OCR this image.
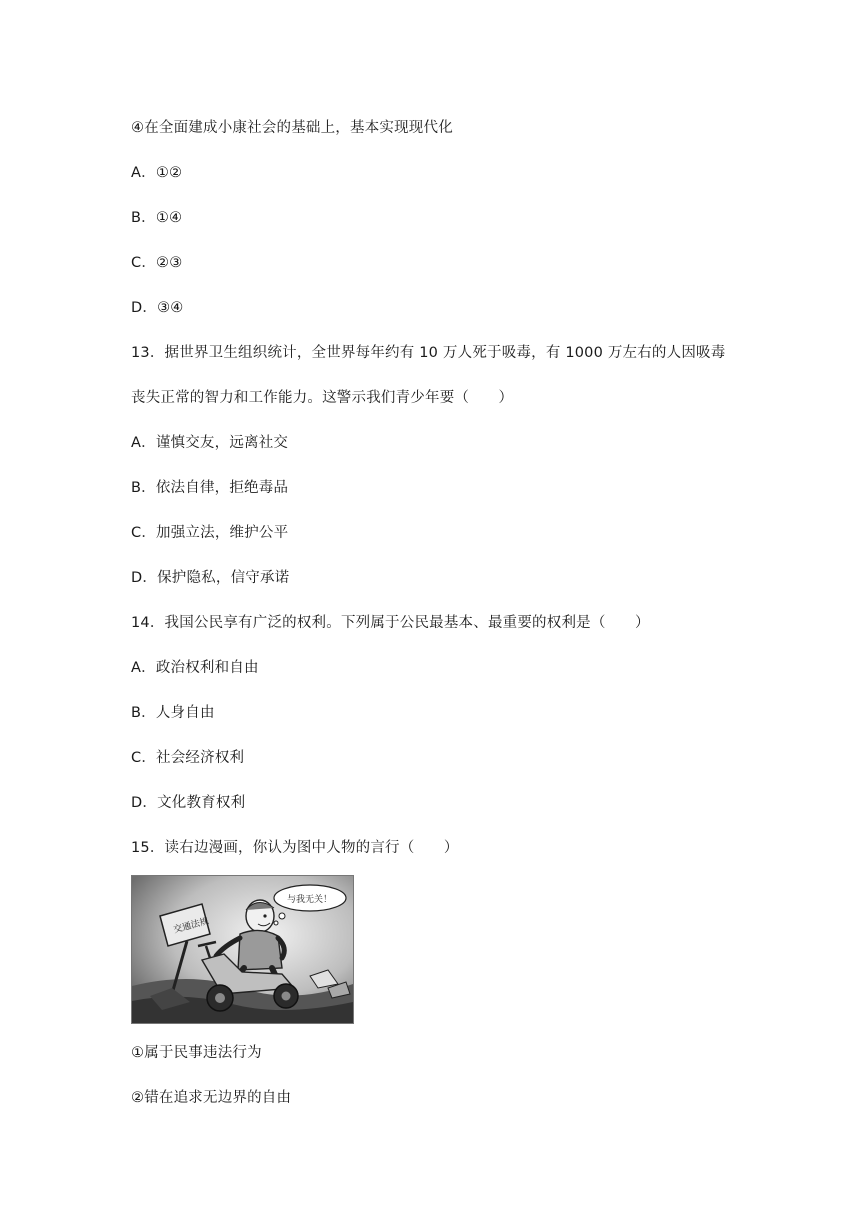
④在全面建成小康社会的基础上，基本实现现代化
A．①②
B．①④
C．②③
D．③④
13．据世界卫生组织统计，全世界每年约有 10 万人死于吸毒，有 1000 万左右的人因吸毒
丧失正常的智力和工作能力。这警示我们青少年要（　　）
A．谨慎交友，远离社交
B．依法自律，拒绝毒品
C．加强立法，维护公平
D．保护隐私，信守承诺
14．我国公民享有广泛的权利。下列属于公民最基本、最重要的权利是（　　）
A．政治权利和自由
B．人身自由
C．社会经济权利
D．文化教育权利
15．读右边漫画，你认为图中人物的言行（　　）
交通法规
与我无关！
①属于民事违法行为
②错在追求无边界的自由
